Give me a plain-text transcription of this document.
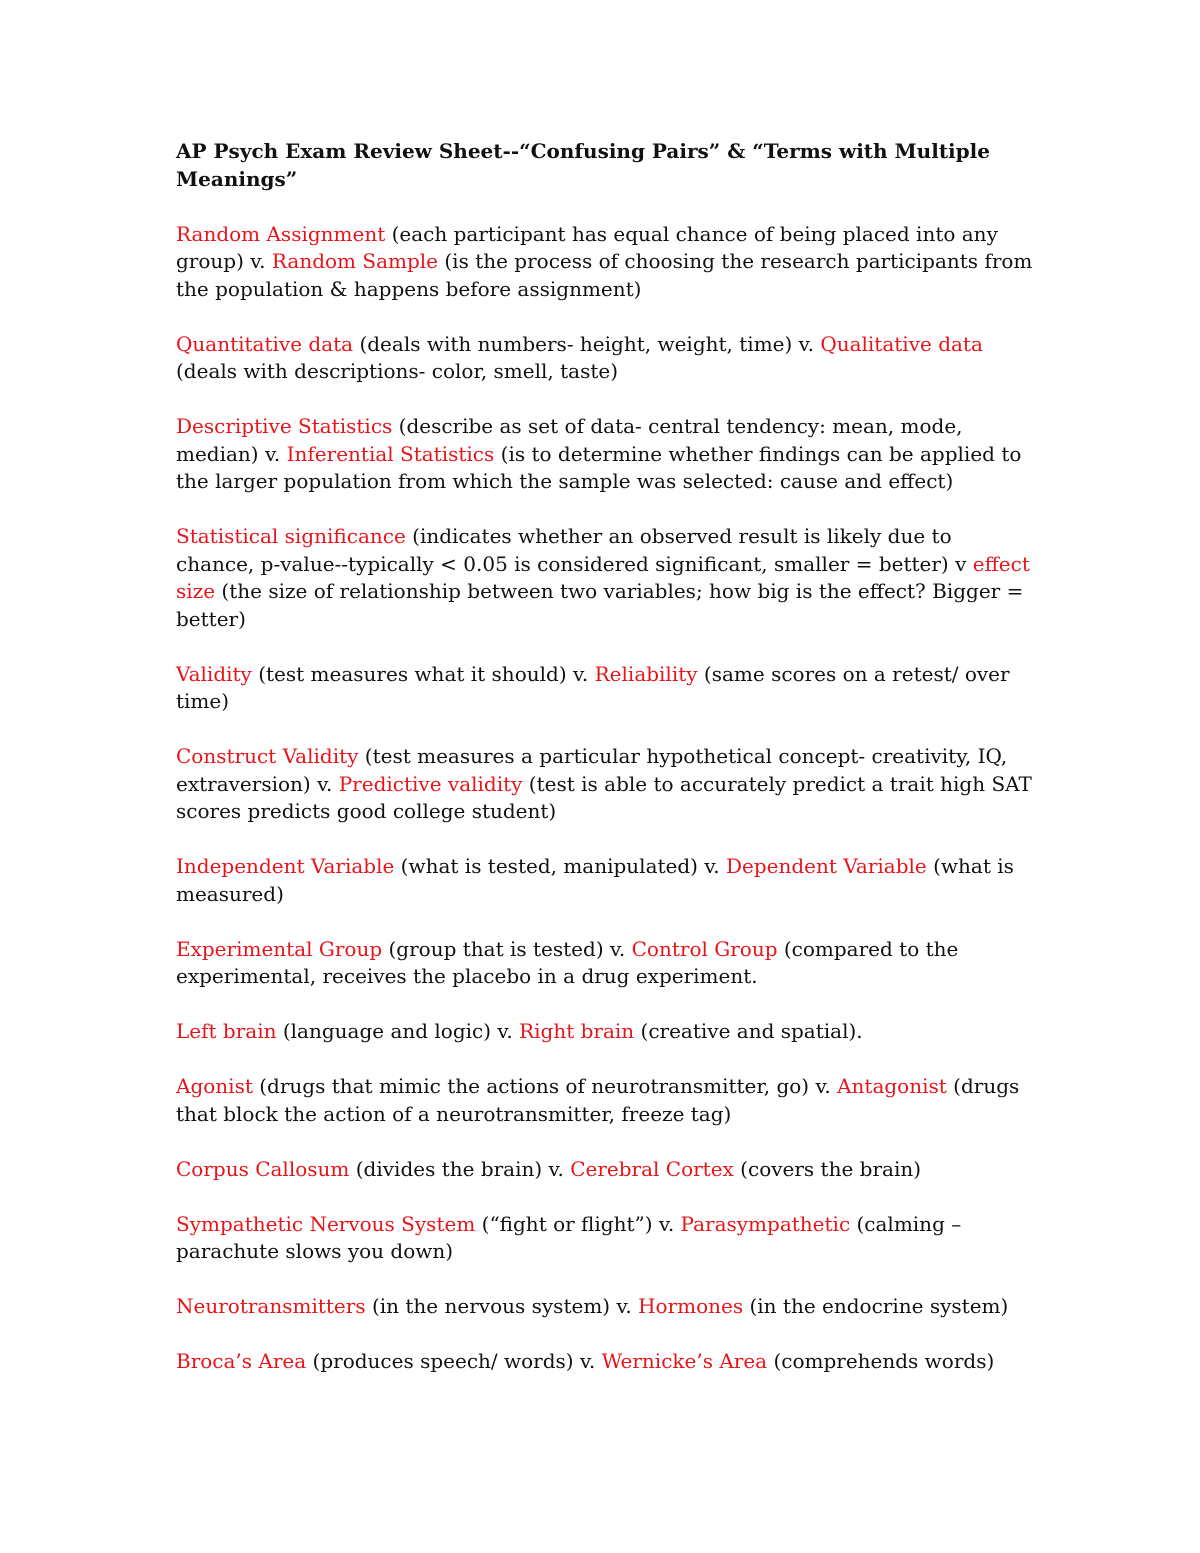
AP Psych Exam Review Sheet--“Confusing Pairs” & “Terms with Multiple Meanings”
Random Assignment (each participant has equal chance of being placed into any group) v. Random Sample (is the process of choosing the research participants from the population & happens before assignment)
Quantitative data (deals with numbers- height, weight, time) v. Qualitative data (deals with descriptions- color, smell, taste)
Descriptive Statistics (describe as set of data- central tendency: mean, mode, median) v. Inferential Statistics (is to determine whether findings can be applied to the larger population from which the sample was selected: cause and effect)
Statistical significance (indicates whether an observed result is likely due to chance, p-value--typically < 0.05 is considered significant, smaller = better) v effect size (the size of relationship between two variables; how big is the effect? Bigger = better)
Validity (test measures what it should) v. Reliability (same scores on a retest/ over time)
Construct Validity (test measures a particular hypothetical concept- creativity, IQ, extraversion) v. Predictive validity (test is able to accurately predict a trait high SAT scores predicts good college student)
Independent Variable (what is tested, manipulated) v. Dependent Variable (what is measured)
Experimental Group (group that is tested) v. Control Group (compared to the experimental, receives the placebo in a drug experiment.
Left brain (language and logic) v. Right brain (creative and spatial).
Agonist (drugs that mimic the actions of neurotransmitter, go) v. Antagonist (drugs that block the action of a neurotransmitter, freeze tag)
Corpus Callosum (divides the brain) v. Cerebral Cortex (covers the brain)
Sympathetic Nervous System (“fight or flight”) v. Parasympathetic (calming – parachute slows you down)
Neurotransmitters (in the nervous system) v. Hormones (in the endocrine system)
Broca’s Area (produces speech/ words) v. Wernicke’s Area (comprehends words)
